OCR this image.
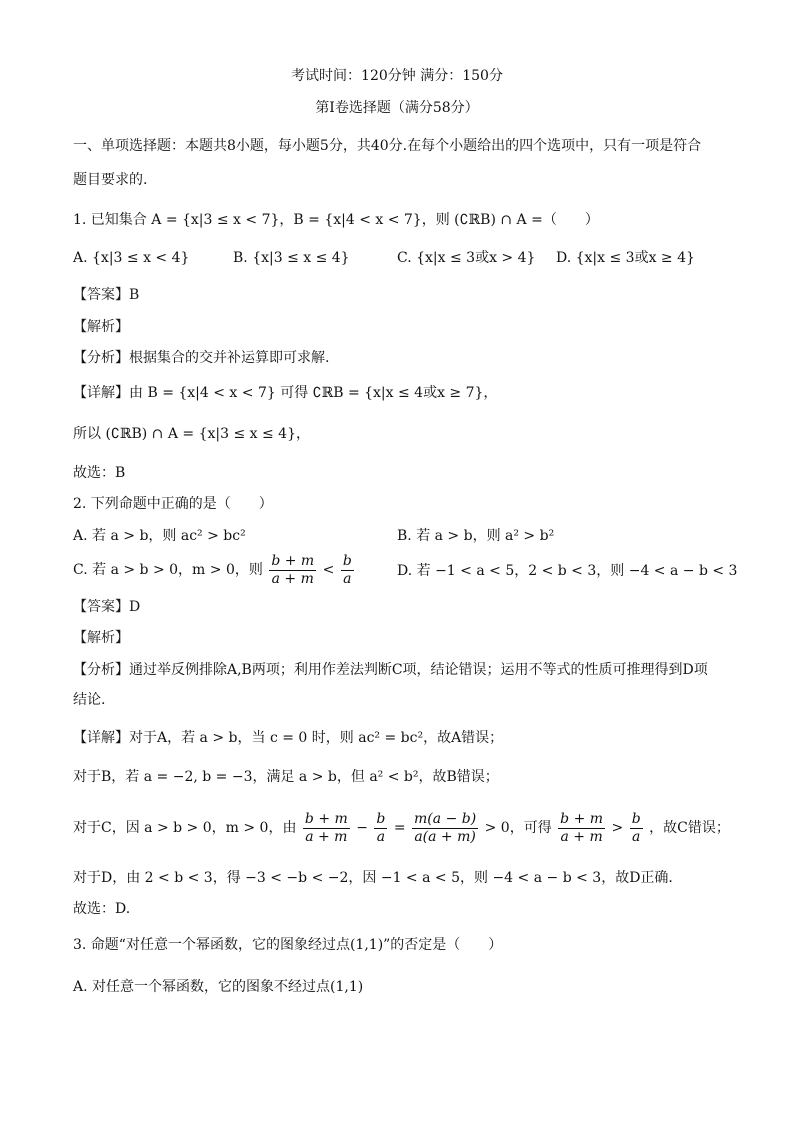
考试时间：120分钟 满分：150分
第Ⅰ卷选择题（满分58分）
一、单项选择题：本题共8小题，每小题5分，共40分.在每个小题给出的四个选项中，只有一项是符合
题目要求的.
1. 已知集合 A = {x|3 ≤ x < 7}，B = {x|4 < x < 7}，则 (∁ℝB) ∩ A =（　　）
A. {x|3 ≤ x < 4}	B. {x|3 ≤ x ≤ 4}	C. {x|x ≤ 3或x > 4} D. {x|x ≤ 3或x ≥ 4}
【答案】B
【解析】
【分析】根据集合的交并补运算即可求解.
【详解】由 B = {x|4 < x < 7} 可得 ∁ℝB = {x|x ≤ 4或x ≥ 7}，
所以 (∁ℝB) ∩ A = {x|3 ≤ x ≤ 4}，
故选：B
2. 下列命题中正确的是（　　）
A. 若 a > b，则 ac² > bc²	B. 若 a > b，则 a² > b²
C. 若 a > b > 0，m > 0，则 $\frac{b + m}{a + m} < \frac{b}{a}$	D. 若 −1 < a < 5，2 < b < 3，则 −4 < a − b < 3
【答案】D
【解析】
【分析】通过举反例排除A,B两项；利用作差法判断C项，结论错误；运用不等式的性质可推理得到D项
结论.
【详解】对于A，若 a > b，当 c = 0 时，则 ac² = bc²，故A错误；
对于B，若 a = −2, b = −3，满足 a > b，但 a² < b²，故B错误；
对于C，因 a > b > 0，m > 0，由 $\frac{b + m}{a + m} - \frac{b}{a} = \frac{m(a - b)}{a(a + m)} > 0$，可得 $\frac{b + m}{a + m} > \frac{b}{a}$ ，故C错误；
对于D，由 2 < b < 3，得 −3 < −b < −2，因 −1 < a < 5，则 −4 < a − b < 3，故D正确.
故选：D.
3. 命题“对任意一个幂函数，它的图象经过点(1,1)”的否定是（　　）
A. 对任意一个幂函数，它的图象不经过点(1,1)
